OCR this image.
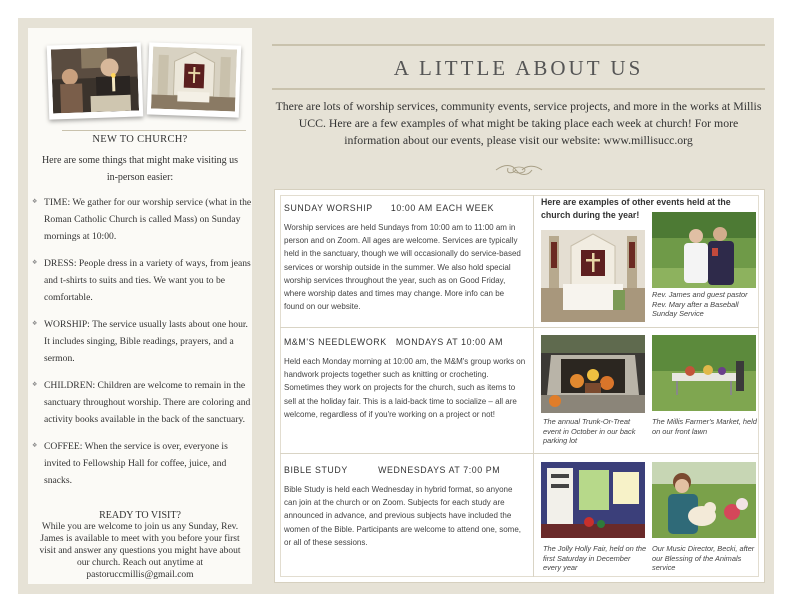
NEW TO CHURCH?
Here are some things that might make visiting us in-person easier:
❖ TIME: We gather for our worship service (what in the Roman Catholic Church is called Mass) on Sunday mornings at 10:00.
❖ DRESS: People dress in a variety of ways, from jeans and t-shirts to suits and ties. We want you to be comfortable.
❖ WORSHIP: The service usually lasts about one hour. It includes singing, Bible readings, prayers, and a sermon.
❖ CHILDREN: Children are welcome to remain in the sanctuary throughout worship. There are coloring and activity books available in the back of the sanctuary.
❖ COFFEE: When the service is over, everyone is invited to Fellowship Hall for coffee, juice, and snacks.
READY TO VISIT?
While you are welcome to join us any Sunday, Rev. James is available to meet with you before your first visit and answer any questions you might have about our church. Reach out anytime at pastoruccmillis@gmail.com
A LITTLE ABOUT US
There are lots of worship services, community events, service projects, and more in the works at Millis UCC. Here are a few examples of what might be taking place each week at church! For more information about our events, please visit our website: www.millisucc.org
SUNDAY WORSHIP 10:00 AM EACH WEEK
Worship services are held Sundays from 10:00 am to 11:00 am in person and on Zoom. All ages are welcome. Services are typically held in the sanctuary, though we will occasionally do service-based services or worship outside in the summer. We also hold special worship services throughout the year, such as on Good Friday, where worship dates and times may change. More info can be found on our website.
M&M'S NEEDLEWORK MONDAYS AT 10:00 AM
Held each Monday morning at 10:00 am, the M&M's group works on handwork projects together such as knitting or crocheting. Sometimes they work on projects for the church, such as items to sell at the holiday fair. This is a laid-back time to socialize – all are welcome, regardless of if you're working on a project or not!
BIBLE STUDY	WEDNESDAYS AT 7:00 PM
Bible Study is held each Wednesday in hybrid format, so anyone can join at the church or on Zoom. Subjects for each study are announced in advance, and previous subjects have included the women of the Bible. Participants are welcome to attend one, some, or all of these sessions.
Here are examples of other events held at the church during the year!
Rev. James and guest pastor Rev. Mary after a Baseball Sunday Service
The annual Trunk-Or-Treat event in October in our back parking lot
The Millis Farmer's Market, held on our front lawn
The Jolly Holly Fair, held on the first Saturday in December every year
Our Music Director, Becki, after our Blessing of the Animals service
